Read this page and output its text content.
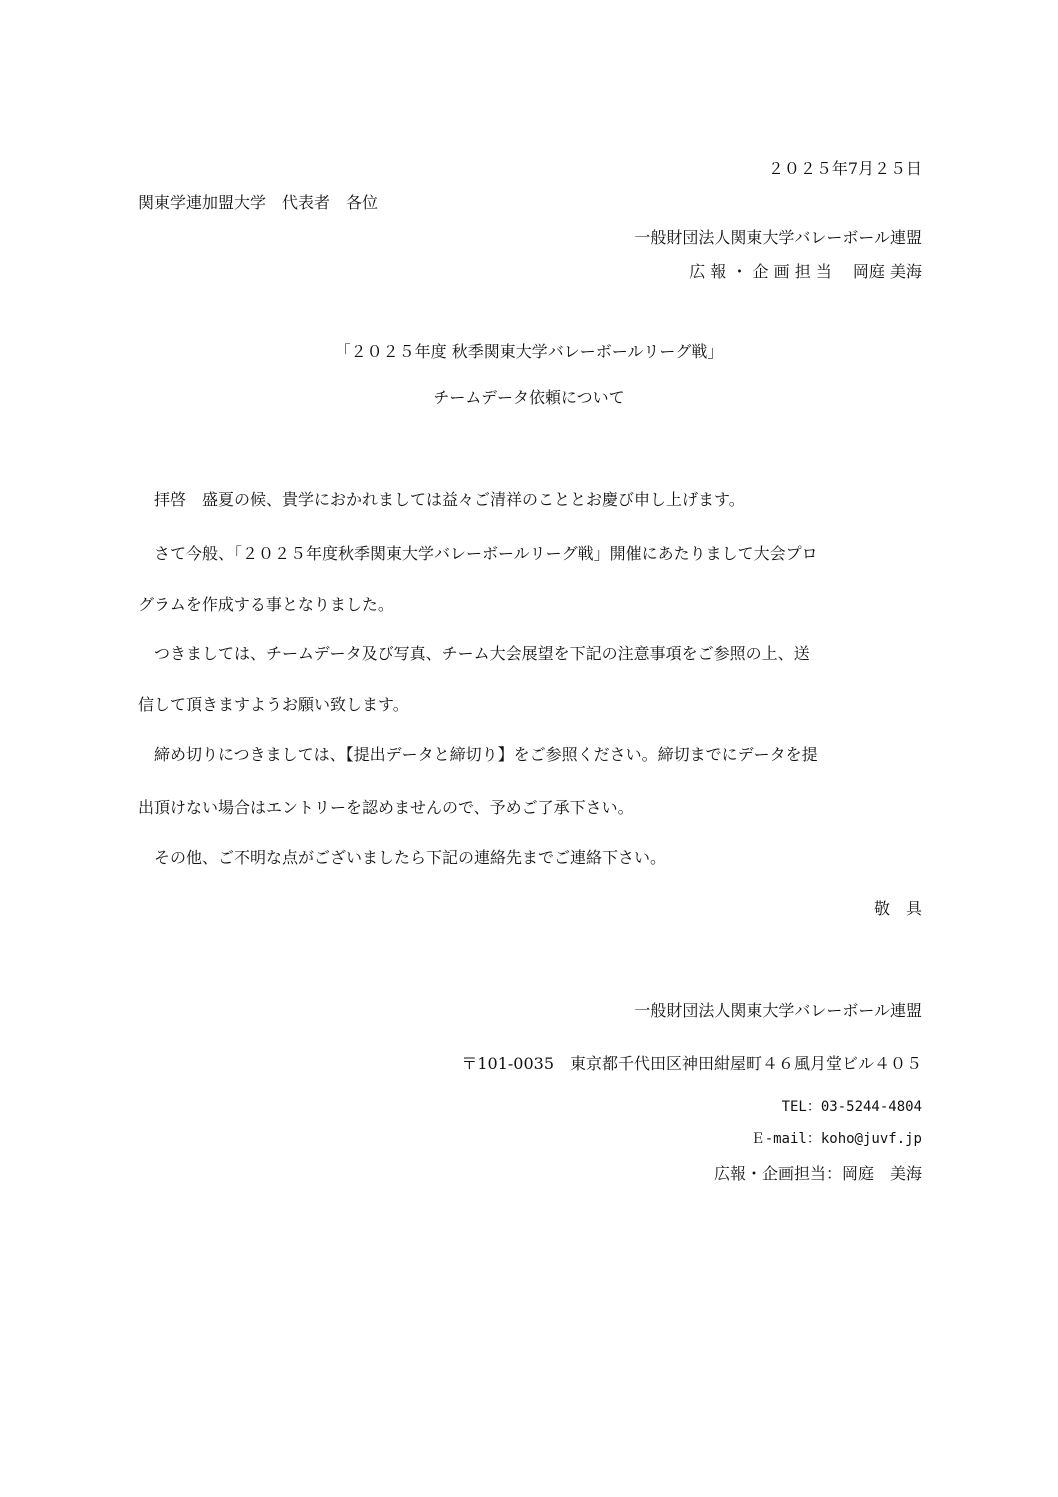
２０２５年7月２５日
関東学連加盟大学　代表者　各位
一般財団法人関東大学バレーボール連盟
広 報 ・ 企 画 担 当　 岡庭 美海
「２０２５年度 秋季関東大学バレーボールリーグ戦」
チームデータ依頼について
拝啓　盛夏の候、貴学におかれましては益々ご清祥のこととお慶び申し上げます。
さて今般、「２０２５年度秋季関東大学バレーボールリーグ戦」開催にあたりまして大会プロ
グラムを作成する事となりました。
つきましては、チームデータ及び写真、チーム大会展望を下記の注意事項をご参照の上、送
信して頂きますようお願い致します。
締め切りにつきましては、【提出データと締切り】をご参照ください。締切までにデータを提
出頂けない場合はエントリーを認めませんので、予めご了承下さい。
その他、ご不明な点がございましたら下記の連絡先までご連絡下さい。
敬　具
一般財団法人関東大学バレーボール連盟
〒101-0035　東京都千代田区神田紺屋町４６風月堂ビル４０５
TEL：03-5244-4804
Ｅ-mail：koho@juvf.jp
広報・企画担当：岡庭　美海
